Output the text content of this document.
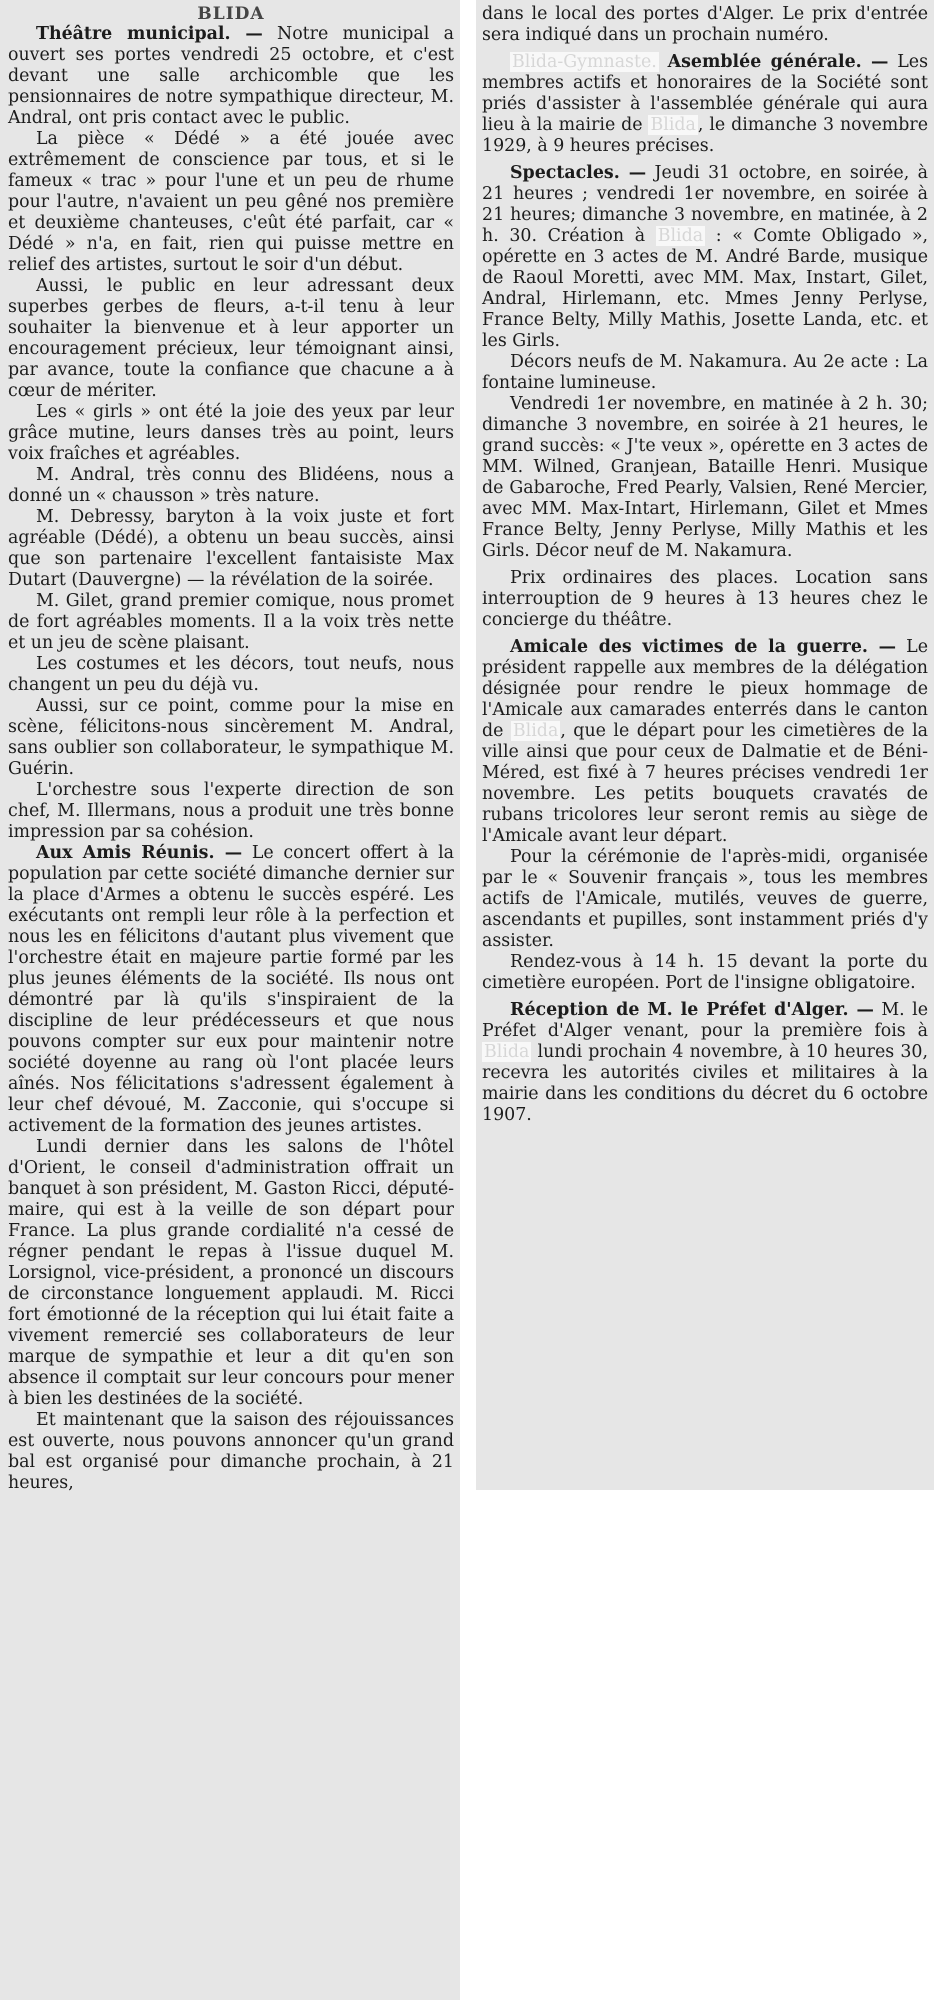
BLIDA

Théâtre municipal. — Notre municipal a ouvert ses portes vendredi 25 octobre, et c'est devant une salle archicomble que les pensionnaires de notre sympathique directeur, M. Andral, ont pris contact avec le public.

La pièce « Dédé » a été jouée avec extrêmement de conscience par tous, et si le fameux « trac » pour l'une et un peu de rhume pour l'autre, n'avaient un peu gêné nos première et deuxième chanteuses, c'eût été parfait, car « Dédé » n'a, en fait, rien qui puisse mettre en relief des artistes, surtout le soir d'un début.

Aussi, le public en leur adressant deux superbes gerbes de fleurs, a-t-il tenu à leur souhaiter la bienvenue et à leur apporter un encouragement précieux, leur témoignant ainsi, par avance, toute la confiance que chacune a à cœur de mériter.

Les « girls » ont été la joie des yeux par leur grâce mutine, leurs danses très au point, leurs voix fraîches et agréables.

M. Andral, très connu des Blidéens, nous a donné un « chausson » très nature.

M. Debressy, baryton à la voix juste et fort agréable (Dédé), a obtenu un beau succès, ainsi que son partenaire l'excellent fantaisiste Max Dutart (Dauvergne) — la révélation de la soirée.

M. Gilet, grand premier comique, nous promet de fort agréables moments. Il a la voix très nette et un jeu de scène plaisant.

Les costumes et les décors, tout neufs, nous changent un peu du déjà vu.

Aussi, sur ce point, comme pour la mise en scène, félicitons-nous sincèrement M. Andral, sans oublier son collaborateur, le sympathique M. Guérin.

L'orchestre sous l'experte direction de son chef, M. Illermans, nous a produit une très bonne impression par sa cohésion.

Aux Amis Réunis. — Le concert offert à la population par cette société dimanche dernier sur la place d'Armes a obtenu le succès espéré. Les exécutants ont rempli leur rôle à la perfection et nous les en félicitons d'autant plus vivement que l'orchestre était en majeure partie formé par les plus jeunes éléments de la société. Ils nous ont démontré par là qu'ils s'inspiraient de la discipline de leur prédécesseurs et que nous pouvons compter sur eux pour maintenir notre société doyenne au rang où l'ont placée leurs aînés. Nos félicitations s'adressent également à leur chef dévoué, M. Zacconie, qui s'occupe si activement de la formation des jeunes artistes.

Lundi dernier dans les salons de l'hôtel d'Orient, le conseil d'administration offrait un banquet à son président, M. Gaston Ricci, député-maire, qui est à la veille de son départ pour France. La plus grande cordialité n'a cessé de régner pendant le repas à l'issue duquel M. Lorsignol, vice-président, a prononcé un discours de circonstance longuement applaudi. M. Ricci fort émotionné de la réception qui lui était faite a vivement remercié ses collaborateurs de leur marque de sympathie et leur a dit qu'en son absence il comptait sur leur concours pour mener à bien les destinées de la société.

Et maintenant que la saison des réjouissances est ouverte, nous pouvons annoncer qu'un grand bal est organisé pour dimanche prochain, à 21 heures,

dans le local des portes d'Alger. Le prix d'entrée sera indiqué dans un prochain numéro.

Blida-Gymnaste. Asemblée générale. — Les membres actifs et honoraires de la Société sont priés d'assister à l'assemblée générale qui aura lieu à la mairie de Blida , le dimanche 3 novembre 1929, à 9 heures précises.

Spectacles. — Jeudi 31 octobre, en soirée, à 21 heures ; vendredi 1er novembre, en soirée à 21 heures; dimanche 3 novembre, en matinée, à 2 h. 30. Création à Blida : « Comte Obligado », opérette en 3 actes de M. André Barde, musique de Raoul Moretti, avec MM. Max, Instart, Gilet, Andral, Hirlemann, etc. Mmes Jenny Perlyse, France Belty, Milly Mathis, Josette Landa, etc. et les Girls.

Décors neufs de M. Nakamura. Au 2e acte : La fontaine lumineuse.

Vendredi 1er novembre, en matinée à 2 h. 30; dimanche 3 novembre, en soirée à 21 heures, le grand succès: « J'te veux », opérette en 3 actes de MM. Wilned, Granjean, Bataille Henri. Musique de Gabaroche, Fred Pearly, Valsien, René Mercier, avec MM. Max-Intart, Hirlemann, Gilet et Mmes France Belty, Jenny Perlyse, Milly Mathis et les Girls. Décor neuf de M. Nakamura.

Prix ordinaires des places. Location sans interrouption de 9 heures à 13 heures chez le concierge du théâtre.

Amicale des victimes de la guerre. — Le président rappelle aux membres de la délégation désignée pour rendre le pieux hommage de l'Amicale aux camarades enterrés dans le canton de Blida , que le départ pour les cimetières de la ville ainsi que pour ceux de Dalmatie et de Béni-Méred, est fixé à 7 heures précises vendredi 1er novembre. Les petits bouquets cravatés de rubans tricolores leur seront remis au siège de l'Amicale avant leur départ.

Pour la cérémonie de l'après-midi, organisée par le « Souvenir français », tous les membres actifs de l'Amicale, mutilés, veuves de guerre, ascendants et pupilles, sont instamment priés d'y assister.

Rendez-vous à 14 h. 15 devant la porte du cimetière européen. Port de l'insigne obligatoire.

Réception de M. le Préfet d'Alger. — M. le Préfet d'Alger venant, pour la première fois à Blida lundi prochain 4 novembre, à 10 heures 30, recevra les autorités civiles et militaires à la mairie dans les conditions du décret du 6 octobre 1907.
